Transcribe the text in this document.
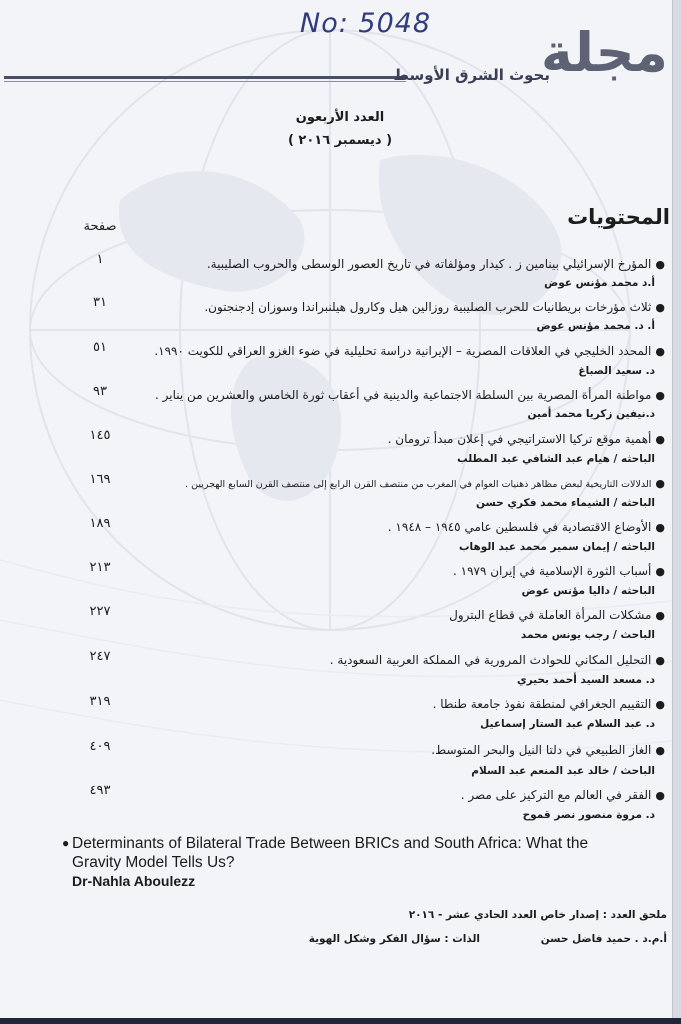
No: 5048
بحوث الشرق الأوسط
مجلة
العدد الأربعون
( ديسمبر ٢٠١٦ )
المحتويات
صفحة
●المؤرخ الإسرائيلي بينامين ز . كيدار ومؤلفاته في تاريخ العصور الوسطى والحروب الصليبية.
أ.د محمد مؤنس عوض
١
●ثلاث مؤرخات بريطانيات للحرب الصليبية روزالين هيل وكارول هيلنبراندا وسوزان إدجنجتون.
أ. د. محمد مؤنس عوض
٣١
●المحدد الخليجي في العلاقات المصرية – الإيرانية دراسة تحليلية في ضوء الغزو العراقي للكويت ١٩٩٠.
د. سعيد الصباغ
٥١
●مواطنة المرأة المصرية بين السلطة الاجتماعية والدينية في أعقاب ثورة الخامس والعشرين من يناير .
د.نيفين زكريا محمد أمين
٩٣
●أهمية موقع تركيا الاستراتيجي في إعلان مبدأ ترومان .
الباحثه / هيام عبد الشافي عبد المطلب
١٤٥
●الدلالات التاريخية لبعض مظاهر ذهنيات العوام في المغرب من منتصف القرن الرابع إلى منتصف القرن السابع الهجريين .
الباحثه / الشيماء محمد فكري حسن
١٦٩
●الأوضاع الاقتصادية في فلسطين عامي ١٩٤٥ – ١٩٤٨ .
الباحثه / إيمان سمير محمد عبد الوهاب
١٨٩
●أسباب الثورة الإسلامية في إيران ١٩٧٩ .
الباحثه / داليا مؤنس عوض
٢١٣
●مشكلات المرأة العاملة في قطاع البترول
الباحث / رجب يونس محمد
٢٢٧
●التحليل المكاني للحوادث المرورية في المملكة العربية السعودية .
د. مسعد السيد أحمد بحيري
٢٤٧
●التقييم الجغرافي لمنطقة نفوذ جامعة طنطا .
د. عبد السلام عبد الستار إسماعيل
٣١٩
●الغاز الطبيعي في دلتا النيل والبحر المتوسط.
الباحث / خالد عبد المنعم عبد السلام
٤٠٩
●الفقر في العالم مع التركيز على مصر .
د. مروة منصور نصر قموح
٤٩٣
● Determinants of Bilateral Trade Between BRICs and South Africa: What the Gravity Model Tells Us?
Dr-Nahla Aboulezz
ملحق العدد : إصدار خاص العدد الحادي عشر - ٢٠١٦
أ.م.د . حميد فاضل حسن
الذات : سؤال الفكر وشكل الهوية
